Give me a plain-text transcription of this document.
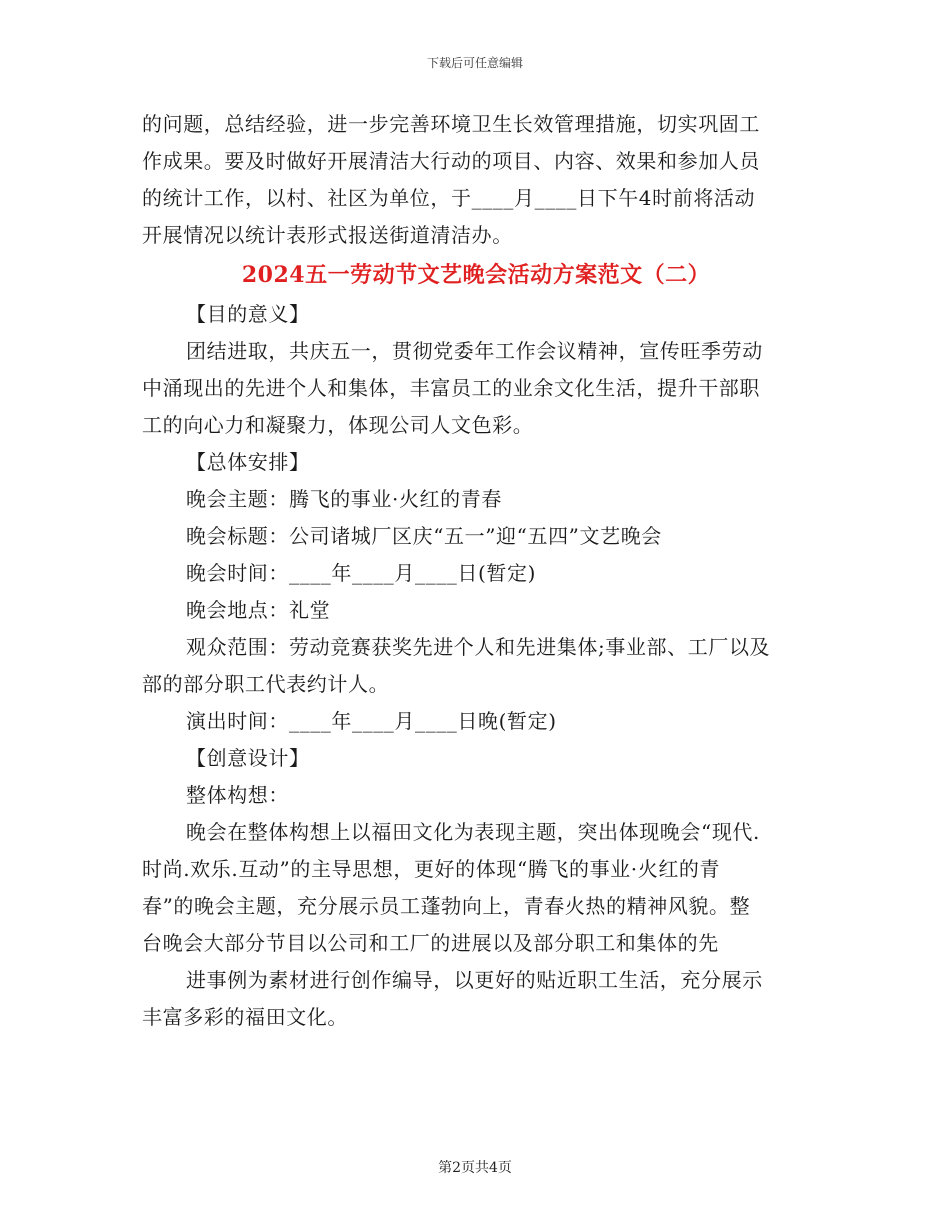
下载后可任意编辑

的问题，总结经验，进一步完善环境卫生长效管理措施，切实巩固工

作成果。要及时做好开展清洁大行动的项目、内容、效果和参加人员

的统计工作，以村、社区为单位，于____月____日下午4时前将活动

开展情况以统计表形式报送街道清洁办。

2024五一劳动节文艺晚会活动方案范文（二）

【目的意义】

团结进取，共庆五一，贯彻党委年工作会议精神，宣传旺季劳动

中涌现出的先进个人和集体，丰富员工的业余文化生活，提升干部职

工的向心力和凝聚力，体现公司人文色彩。

【总体安排】

晚会主题：腾飞的事业·火红的青春

晚会标题：公司诸城厂区庆“五一”迎“五四”文艺晚会

晚会时间：____年____月____日(暂定)

晚会地点：礼堂

观众范围：劳动竞赛获奖先进个人和先进集体;事业部、工厂以及

部的部分职工代表约计人。

演出时间：____年____月____日晚(暂定)

【创意设计】

整体构想：

晚会在整体构想上以福田文化为表现主题，突出体现晚会“现代.

时尚.欢乐.互动”的主导思想，更好的体现“腾飞的事业·火红的青

春”的晚会主题，充分展示员工蓬勃向上，青春火热的精神风貌。整

台晚会大部分节目以公司和工厂的进展以及部分职工和集体的先

进事例为素材进行创作编导，以更好的贴近职工生活，充分展示

丰富多彩的福田文化。

第2页共4页
